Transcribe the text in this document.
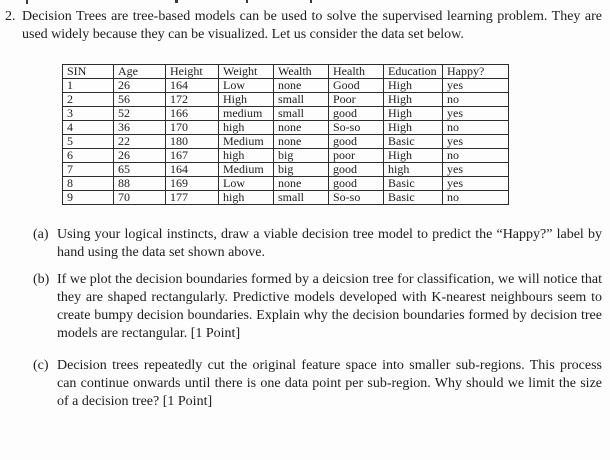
2. Decision Trees are tree-based models can be used to solve the supervised learning problem. They are used widely because they can be visualized. Let us consider the data set below.
SIN	Age	Height	Weight	Wealth	Health	Education	Happy?
1	26	164	Low	none	Good	High	yes
2	56	172	High	small	Poor	High	no
3	52	166	medium	small	good	High	yes
4	36	170	high	none	So-so	High	no
5	22	180	Medium	none	good	Basic	yes
6	26	167	high	big	poor	High	no
7	65	164	Medium	big	good	high	yes
8	88	169	Low	none	good	Basic	yes
9	70	177	high	small	So-so	Basic	no
(a) Using your logical instincts, draw a viable decision tree model to predict the “Happy?” label by hand using the data set shown above.
(b) If we plot the decision boundaries formed by a deicsion tree for classification, we will notice that they are shaped rectangularly. Predictive models developed with K-nearest neighbours seem to create bumpy decision boundaries. Explain why the decision boundaries formed by decision tree models are rectangular. [1 Point]
(c) Decision trees repeatedly cut the original feature space into smaller sub-regions. This process can continue onwards until there is one data point per sub-region. Why should we limit the size of a decision tree? [1 Point]
